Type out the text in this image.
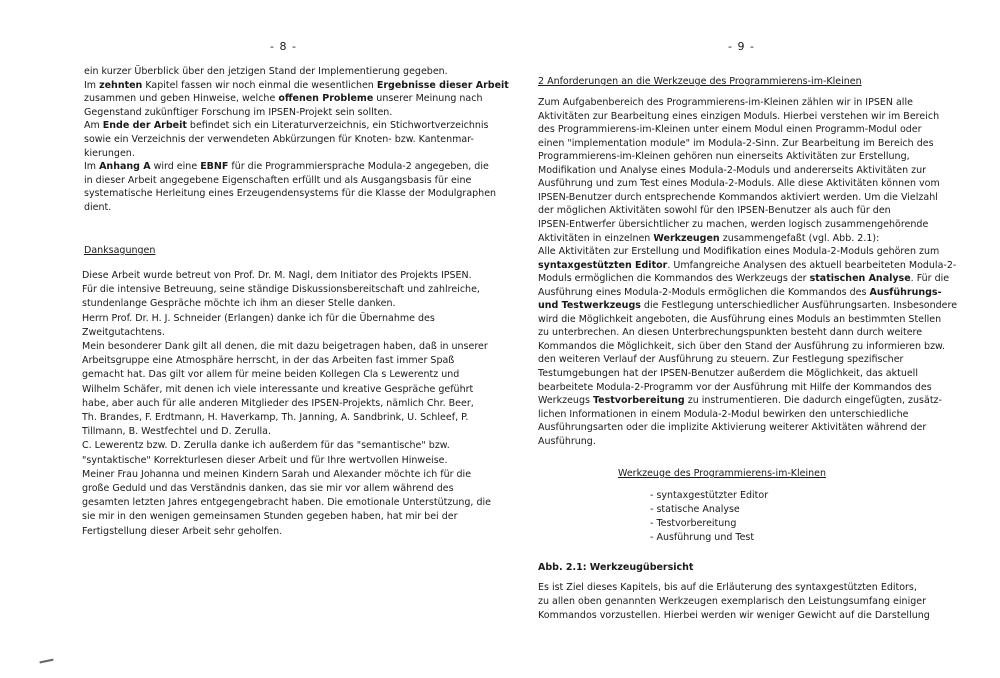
- 8 -
ein kurzer Überblick über den jetzigen Stand der Implementierung gegeben.
Im zehnten Kapitel fassen wir noch einmal die wesentlichen Ergebnisse dieser Arbeit
zusammen und geben Hinweise, welche offenen Probleme unserer Meinung nach
Gegenstand zukünftiger Forschung im IPSEN-Projekt sein sollten.
Am Ende der Arbeit befindet sich ein Literaturverzeichnis, ein Stichwortverzeichnis
sowie ein Verzeichnis der verwendeten Abkürzungen für Knoten- bzw. Kantenmar-
kierungen.
Im Anhang A wird eine EBNF für die Programmiersprache Modula-2 angegeben, die
in dieser Arbeit angegebene Eigenschaften erfüllt und als Ausgangsbasis für eine
systematische Herleitung eines Erzeugendensystems für die Klasse der Modulgraphen
dient.
Danksagungen
Diese Arbeit wurde betreut von Prof. Dr. M. Nagl, dem Initiator des Projekts IPSEN.
Für die intensive Betreuung, seine ständige Diskussionsbereitschaft und zahlreiche,
stundenlange Gespräche möchte ich ihm an dieser Stelle danken.
Herrn Prof. Dr. H. J. Schneider (Erlangen) danke ich für die Übernahme des
Zweitgutachtens.
Mein besonderer Dank gilt all denen, die mit dazu beigetragen haben, daß in unserer
Arbeitsgruppe eine Atmosphäre herrscht, in der das Arbeiten fast immer Spaß
gemacht hat. Das gilt vor allem für meine beiden Kollegen Cla s Lewerentz und
Wilhelm Schäfer, mit denen ich viele interessante und kreative Gespräche geführt
habe, aber auch für alle anderen Mitglieder des IPSEN-Projekts, nämlich Chr. Beer,
Th. Brandes, F. Erdtmann, H. Haverkamp, Th. Janning, A. Sandbrink, U. Schleef, P.
Tillmann, B. Westfechtel und D. Zerulla.
C. Lewerentz bzw. D. Zerulla danke ich außerdem für das "semantische" bzw.
"syntaktische" Korrekturlesen dieser Arbeit und für Ihre wertvollen Hinweise.
Meiner Frau Johanna und meinen Kindern Sarah und Alexander möchte ich für die
große Geduld und das Verständnis danken, das sie mir vor allem während des
gesamten letzten Jahres entgegengebracht haben. Die emotionale Unterstützung, die
sie mir in den wenigen gemeinsamen Stunden gegeben haben, hat mir bei der
Fertigstellung dieser Arbeit sehr geholfen.
- 9 -
2 Anforderungen an die Werkzeuge des Programmierens-im-Kleinen
Zum Aufgabenbereich des Programmierens-im-Kleinen zählen wir in IPSEN alle
Aktivitäten zur Bearbeitung eines einzigen Moduls. Hierbei verstehen wir im Bereich
des Programmierens-im-Kleinen unter einem Modul einen Programm-Modul oder
einen "implementation module" im Modula-2-Sinn. Zur Bearbeitung im Bereich des
Programmierens-im-Kleinen gehören nun einerseits Aktivitäten zur Erstellung,
Modifikation und Analyse eines Modula-2-Moduls und andererseits Aktivitäten zur
Ausführung und zum Test eines Modula-2-Moduls. Alle diese Aktivitäten können vom
IPSEN-Benutzer durch entsprechende Kommandos aktiviert werden. Um die Vielzahl
der möglichen Aktivitäten sowohl für den IPSEN-Benutzer als auch für den
IPSEN-Entwerfer übersichtlicher zu machen, werden logisch zusammengehörende
Aktivitäten in einzelnen Werkzeugen zusammengefaßt (vgl. Abb. 2.1):
Alle Aktivitäten zur Erstellung und Modifikation eines Modula-2-Moduls gehören zum
syntaxgestützten Editor. Umfangreiche Analysen des aktuell bearbeiteten Modula-2-
Moduls ermöglichen die Kommandos des Werkzeugs der statischen Analyse. Für die
Ausführung eines Modula-2-Moduls ermöglichen die Kommandos des Ausführungs-
und Testwerkzeugs die Festlegung unterschiedlicher Ausführungsarten. Insbesondere
wird die Möglichkeit angeboten, die Ausführung eines Moduls an bestimmten Stellen
zu unterbrechen. An diesen Unterbrechungspunkten besteht dann durch weitere
Kommandos die Möglichkeit, sich über den Stand der Ausführung zu informieren bzw.
den weiteren Verlauf der Ausführung zu steuern. Zur Festlegung spezifischer
Testumgebungen hat der IPSEN-Benutzer außerdem die Möglichkeit, das aktuell
bearbeitete Modula-2-Programm vor der Ausführung mit Hilfe der Kommandos des
Werkzeugs Testvorbereitung zu instrumentieren. Die dadurch eingefügten, zusätz-
lichen Informationen in einem Modula-2-Modul bewirken den unterschiedliche
Ausführungsarten oder die implizite Aktivierung weiterer Aktivitäten während der
Ausführung.
Werkzeuge des Programmierens-im-Kleinen
- syntaxgestützter Editor
- statische Analyse
- Testvorbereitung
- Ausführung und Test
Abb. 2.1: Werkzeugübersicht
Es ist Ziel dieses Kapitels, bis auf die Erläuterung des syntaxgestützten Editors,
zu allen oben genannten Werkzeugen exemplarisch den Leistungsumfang einiger
Kommandos vorzustellen. Hierbei werden wir weniger Gewicht auf die Darstellung
